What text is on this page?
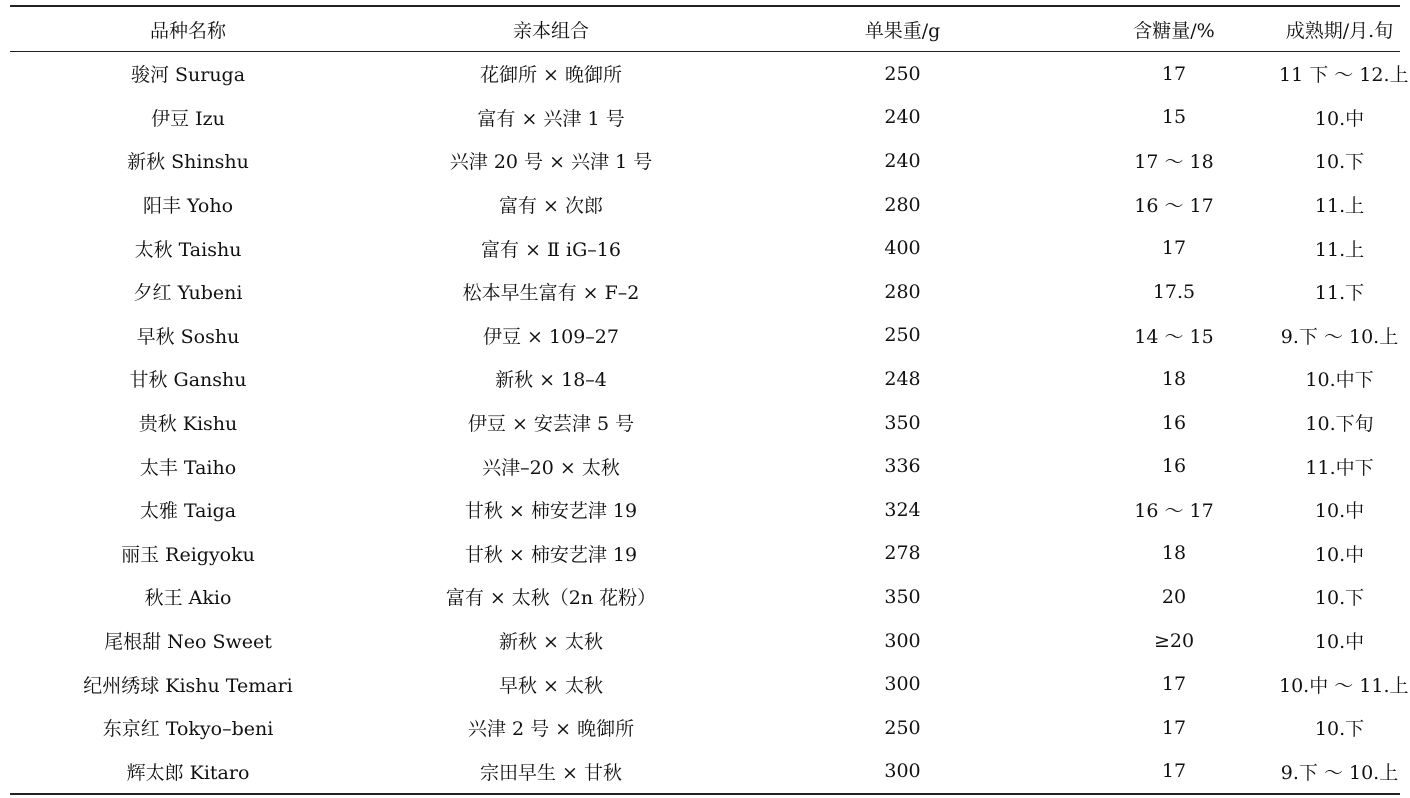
品种名称	亲本组合	单果重/g	含糖量/%	成熟期/月.旬
骏河 Suruga	花御所 × 晚御所	250	17	11 下 ～ 12.上
伊豆 Izu	富有 × 兴津 1 号	240	15	10.中
新秋 Shinshu	兴津 20 号 × 兴津 1 号	240	17 ～ 18	10.下
阳丰 Yoho	富有 × 次郎	280	16 ～ 17	11.上
太秋 Taishu	富有 × Ⅱ iG–16	400	17	11.上
夕红 Yubeni	松本早生富有 × F–2	280	17.5	11.下
早秋 Soshu	伊豆 × 109–27	250	14 ～ 15	9.下 ～ 10.上
甘秋 Ganshu	新秋 × 18–4	248	18	10.中下
贵秋 Kishu	伊豆 × 安芸津 5 号	350	16	10.下旬
太丰 Taiho	兴津–20 × 太秋	336	16	11.中下
太雅 Taiga	甘秋 × 柿安艺津 19	324	16 ～ 17	10.中
丽玉 Reigyoku	甘秋 × 柿安艺津 19	278	18	10.中
秋王 Akio	富有 × 太秋（2n 花粉）	350	20	10.下
尾根甜 Neo Sweet	新秋 × 太秋	300	≥20	10.中
纪州绣球 Kishu Temari	早秋 × 太秋	300	17	10.中 ～ 11.上
东京红 Tokyo–beni	兴津 2 号 × 晚御所	250	17	10.下
辉太郎 Kitaro	宗田早生 × 甘秋	300	17	9.下 ～ 10.上
